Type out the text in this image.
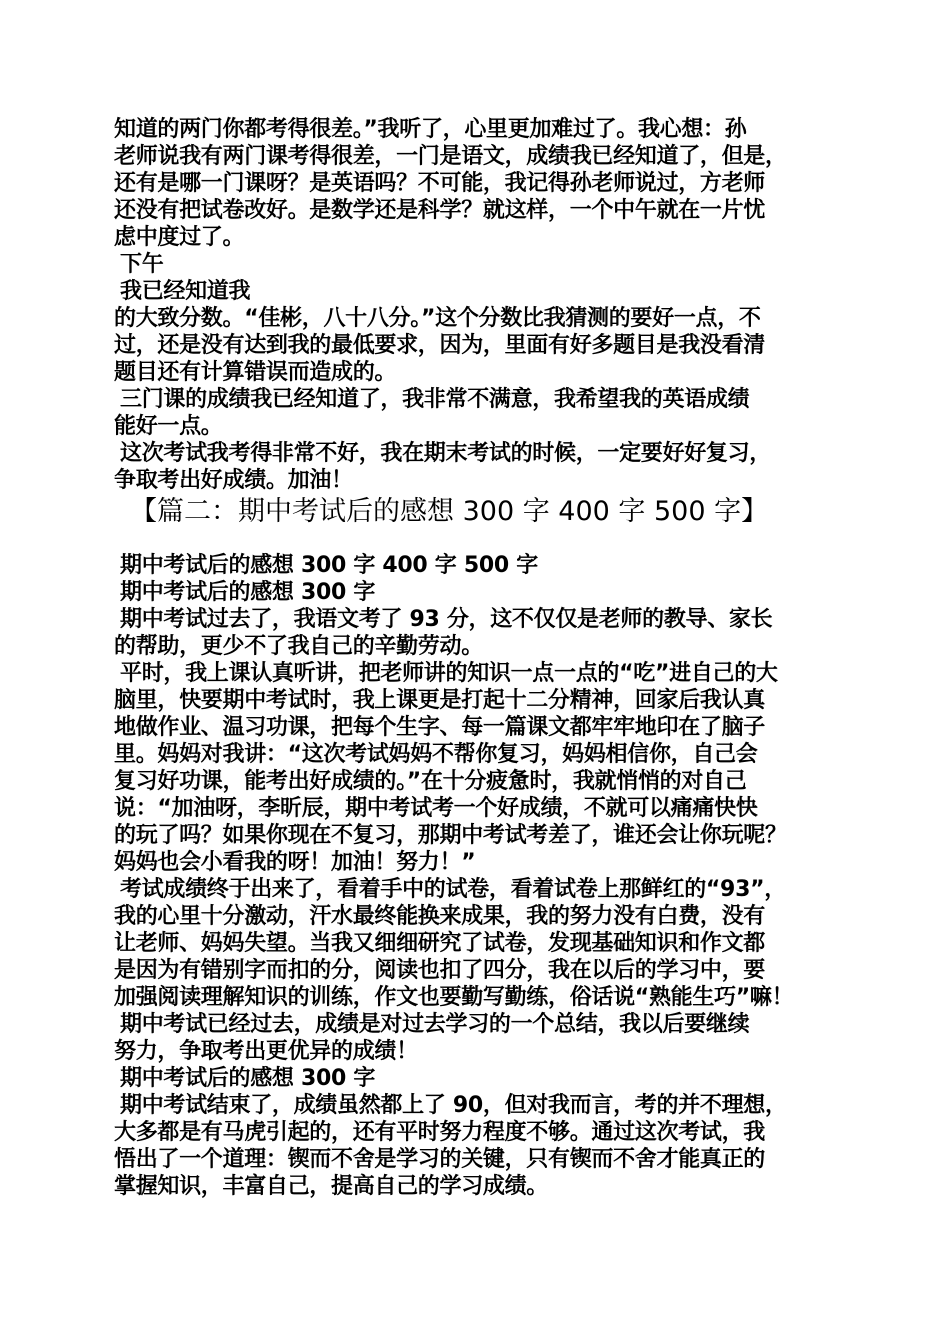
知道的两门你都考得很差。”我听了，心里更加难过了。我心想：孙
老师说我有两门课考得很差，一门是语文，成绩我已经知道了，但是，
还有是哪一门课呀？是英语吗？不可能，我记得孙老师说过，方老师
还没有把试卷改好。是数学还是科学？就这样，一个中午就在一片忧
虑中度过了。
下午
我已经知道我
的大致分数。“佳彬，八十八分。”这个分数比我猜测的要好一点，不
过，还是没有达到我的最低要求，因为，里面有好多题目是我没看清
题目还有计算错误而造成的。
三门课的成绩我已经知道了，我非常不满意，我希望我的英语成绩
能好一点。
这次考试我考得非常不好，我在期末考试的时候，一定要好好复习，
争取考出好成绩。加油！
【篇二：期中考试后的感想 300 字 400 字 500 字】
期中考试后的感想 300 字 400 字 500 字
期中考试后的感想 300 字
期中考试过去了，我语文考了 93 分，这不仅仅是老师的教导、家长
的帮助，更少不了我自己的辛勤劳动。
平时，我上课认真听讲，把老师讲的知识一点一点的“吃”进自己的大
脑里，快要期中考试时，我上课更是打起十二分精神，回家后我认真
地做作业、温习功课，把每个生字、每一篇课文都牢牢地印在了脑子
里。妈妈对我讲：“这次考试妈妈不帮你复习，妈妈相信你，自己会
复习好功课，能考出好成绩的。”在十分疲惫时，我就悄悄的对自己
说：“加油呀，李昕辰，期中考试考一个好成绩，不就可以痛痛快快
的玩了吗？如果你现在不复习，那期中考试考差了，谁还会让你玩呢？
妈妈也会小看我的呀！加油！努力！”
考试成绩终于出来了，看着手中的试卷，看着试卷上那鲜红的“93”，
我的心里十分激动，汗水最终能换来成果，我的努力没有白费，没有
让老师、妈妈失望。当我又细细研究了试卷，发现基础知识和作文都
是因为有错别字而扣的分，阅读也扣了四分，我在以后的学习中，要
加强阅读理解知识的训练，作文也要勤写勤练，俗话说“熟能生巧”嘛！
期中考试已经过去，成绩是对过去学习的一个总结，我以后要继续
努力，争取考出更优异的成绩！
期中考试后的感想 300 字
期中考试结束了，成绩虽然都上了 90，但对我而言，考的并不理想，
大多都是有马虎引起的，还有平时努力程度不够。通过这次考试，我
悟出了一个道理：锲而不舍是学习的关键，只有锲而不舍才能真正的
掌握知识，丰富自己，提高自己的学习成绩。
